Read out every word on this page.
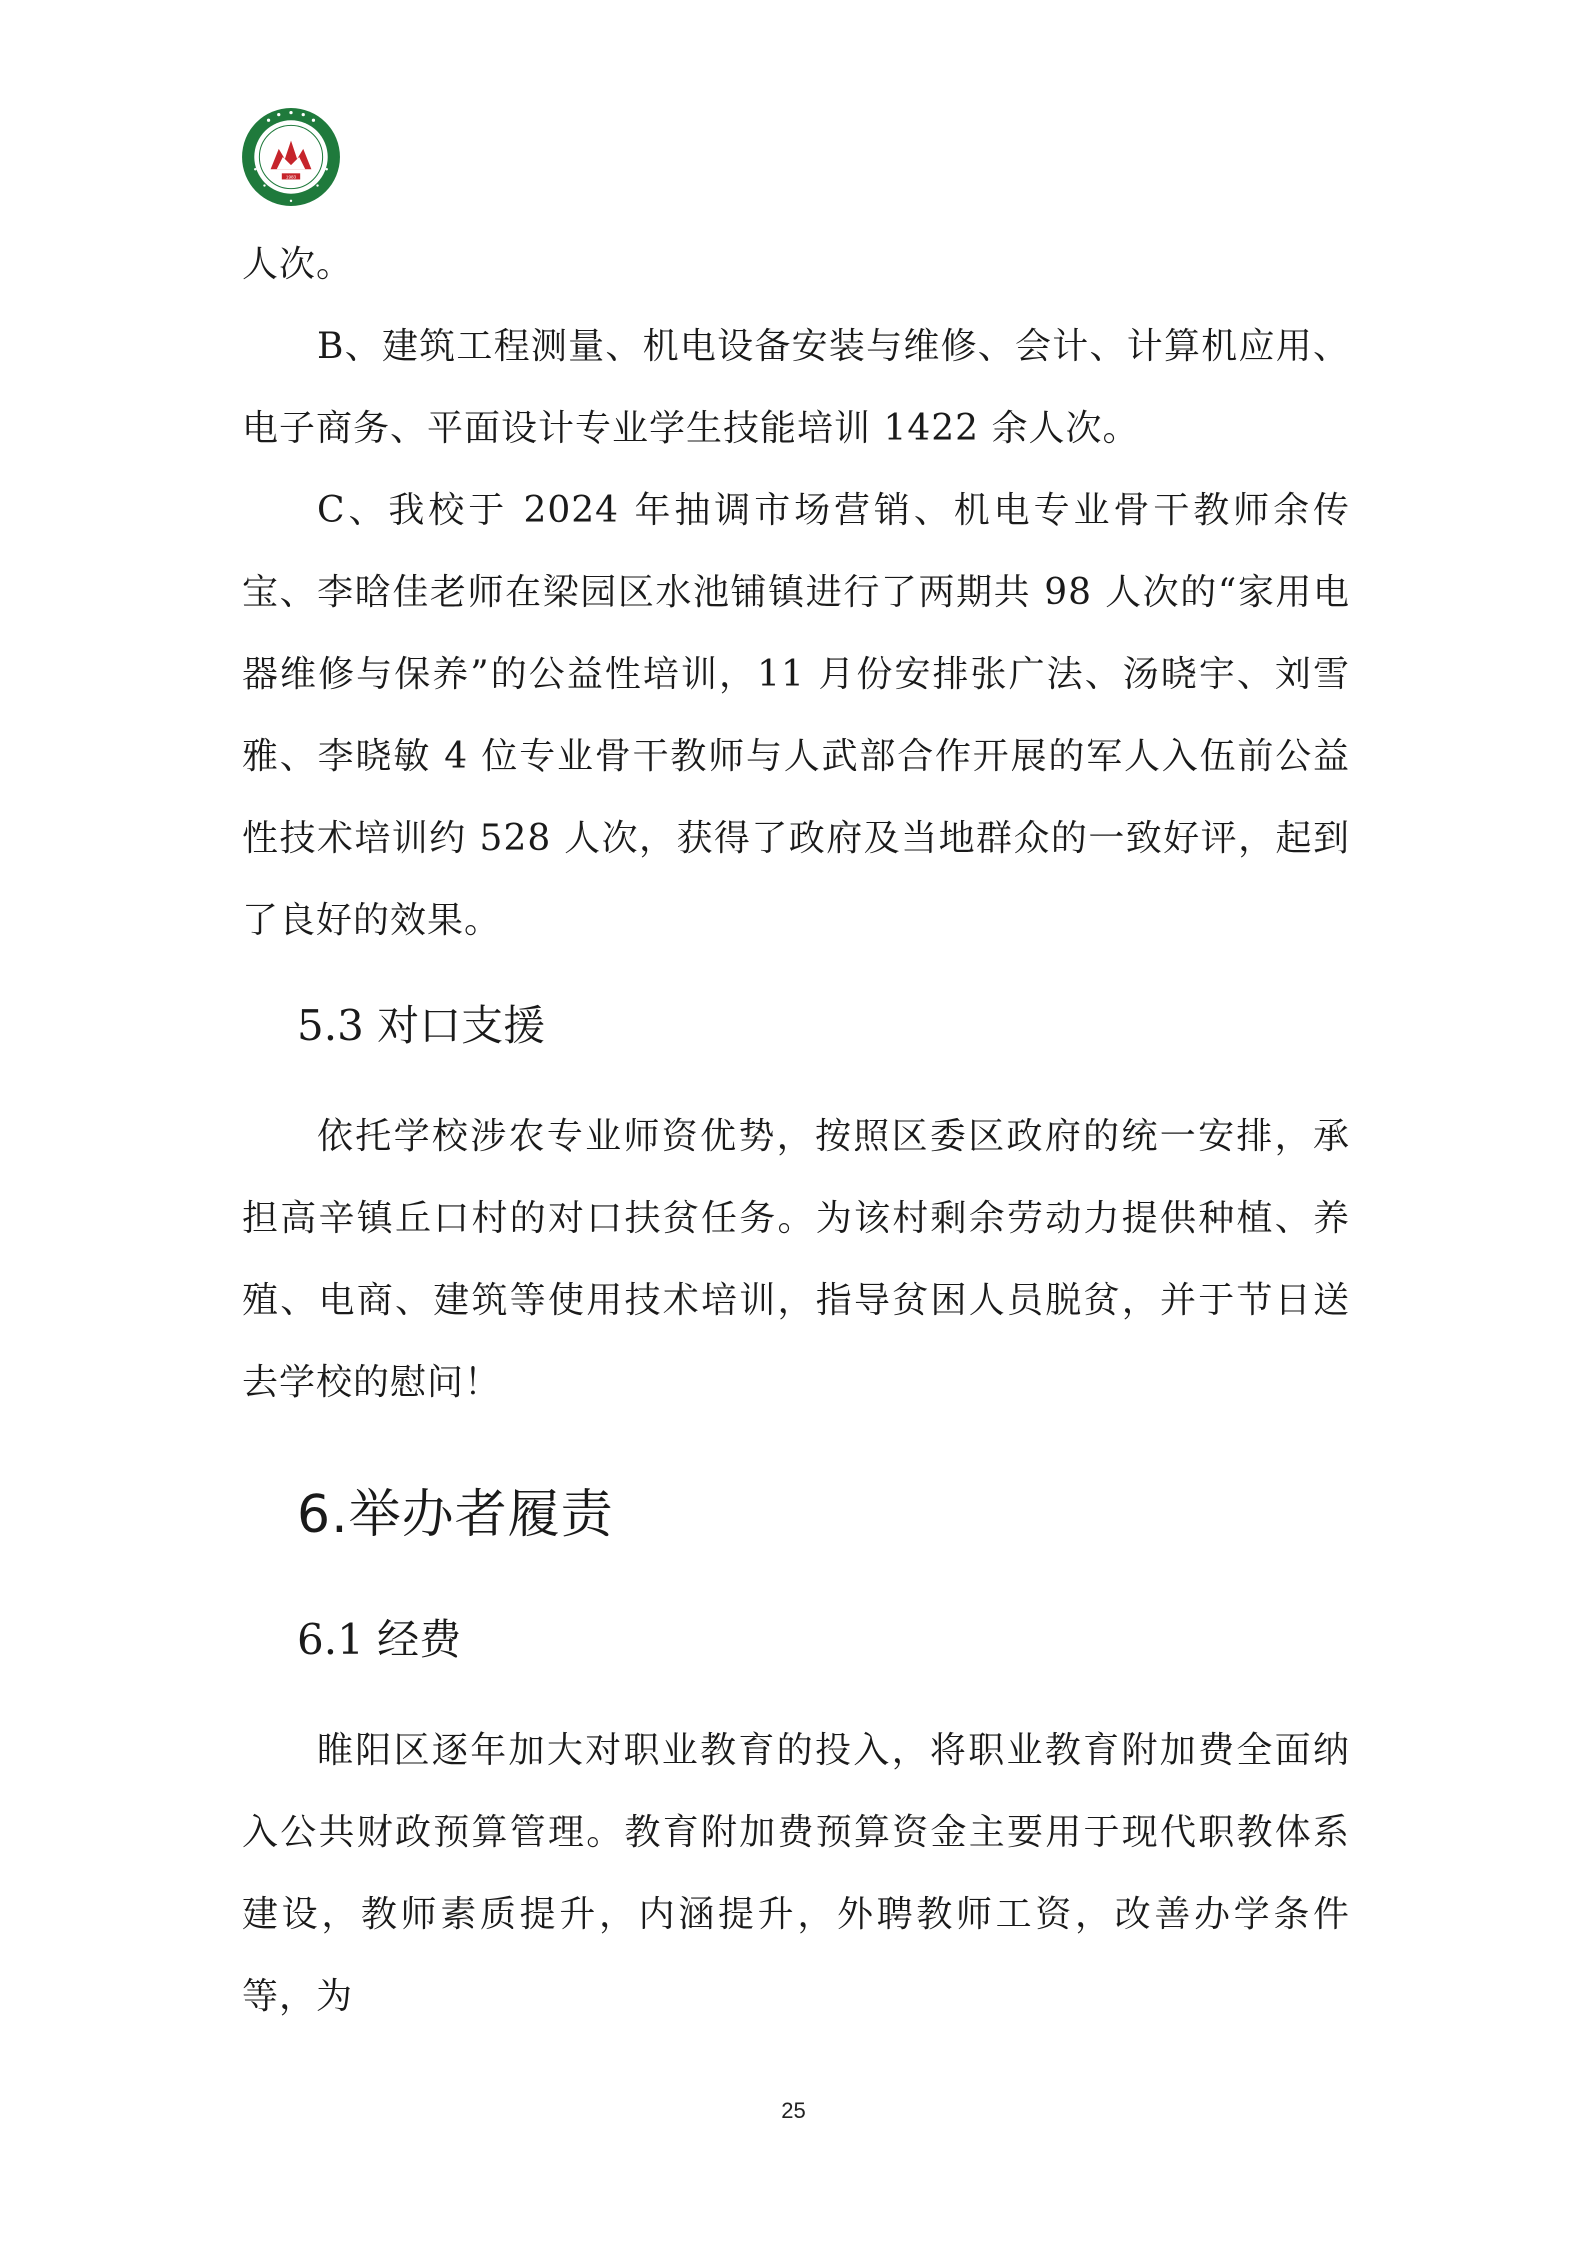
1983

人次。

B、建筑工程测量、机电设备安装与维修、会计、计算机应用、电子商务、平面设计专业学生技能培训 1422 余人次。

C、我校于 2024 年抽调市场营销、机电专业骨干教师余传宝、李晗佳老师在梁园区水池铺镇进行了两期共 98 人次的“家用电器维修与保养”的公益性培训，11 月份安排张广法、汤晓宇、刘雪雅、李晓敏 4 位专业骨干教师与人武部合作开展的军人入伍前公益性技术培训约 528 人次，获得了政府及当地群众的一致好评，起到了良好的效果。

5.3 对口支援

依托学校涉农专业师资优势，按照区委区政府的统一安排，承担高辛镇丘口村的对口扶贫任务。为该村剩余劳动力提供种植、养殖、电商、建筑等使用技术培训，指导贫困人员脱贫，并于节日送去学校的慰问！

6.举办者履责
6.1 经费

睢阳区逐年加大对职业教育的投入，将职业教育附加费全面纳入公共财政预算管理。教育附加费预算资金主要用于现代职教体系建设，教师素质提升，内涵提升，外聘教师工资，改善办学条件等，为

25
